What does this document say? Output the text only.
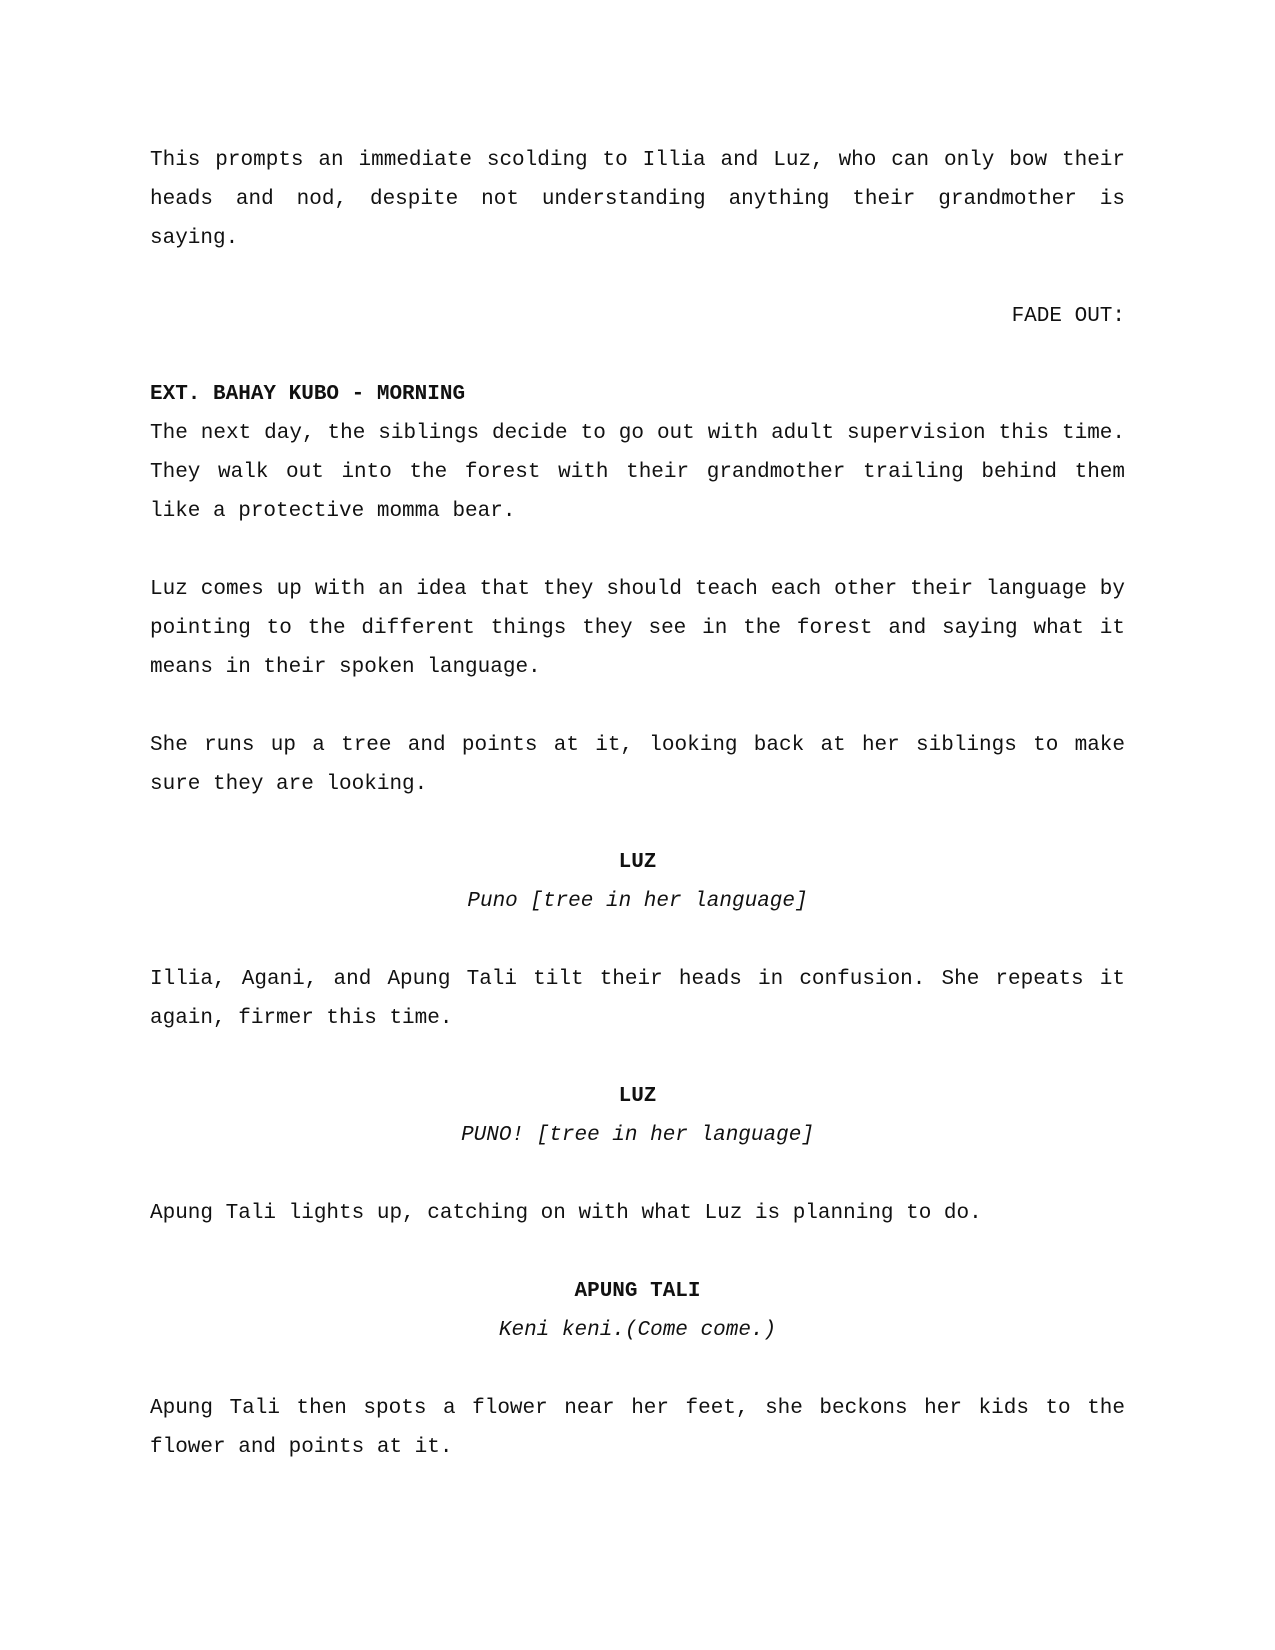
This prompts an immediate scolding to Illia and Luz, who can only bow their heads and nod, despite not understanding anything their grandmother is saying.

FADE OUT:

EXT. BAHAY KUBO - MORNING

The next day, the siblings decide to go out with adult supervision this time. They walk out into the forest with their grandmother trailing behind them like a protective momma bear.

Luz comes up with an idea that they should teach each other their language by pointing to the different things they see in the forest and saying what it means in their spoken language.

She runs up a tree and points at it, looking back at her siblings to make sure they are looking.

LUZ

Puno [tree in her language]

Illia, Agani, and Apung Tali tilt their heads in confusion. She repeats it again, firmer this time.

LUZ

PUNO! [tree in her language]

Apung Tali lights up, catching on with what Luz is planning to do.

APUNG TALI

Keni keni.(Come come.)

Apung Tali then spots a flower near her feet, she beckons her kids to the flower and points at it.
